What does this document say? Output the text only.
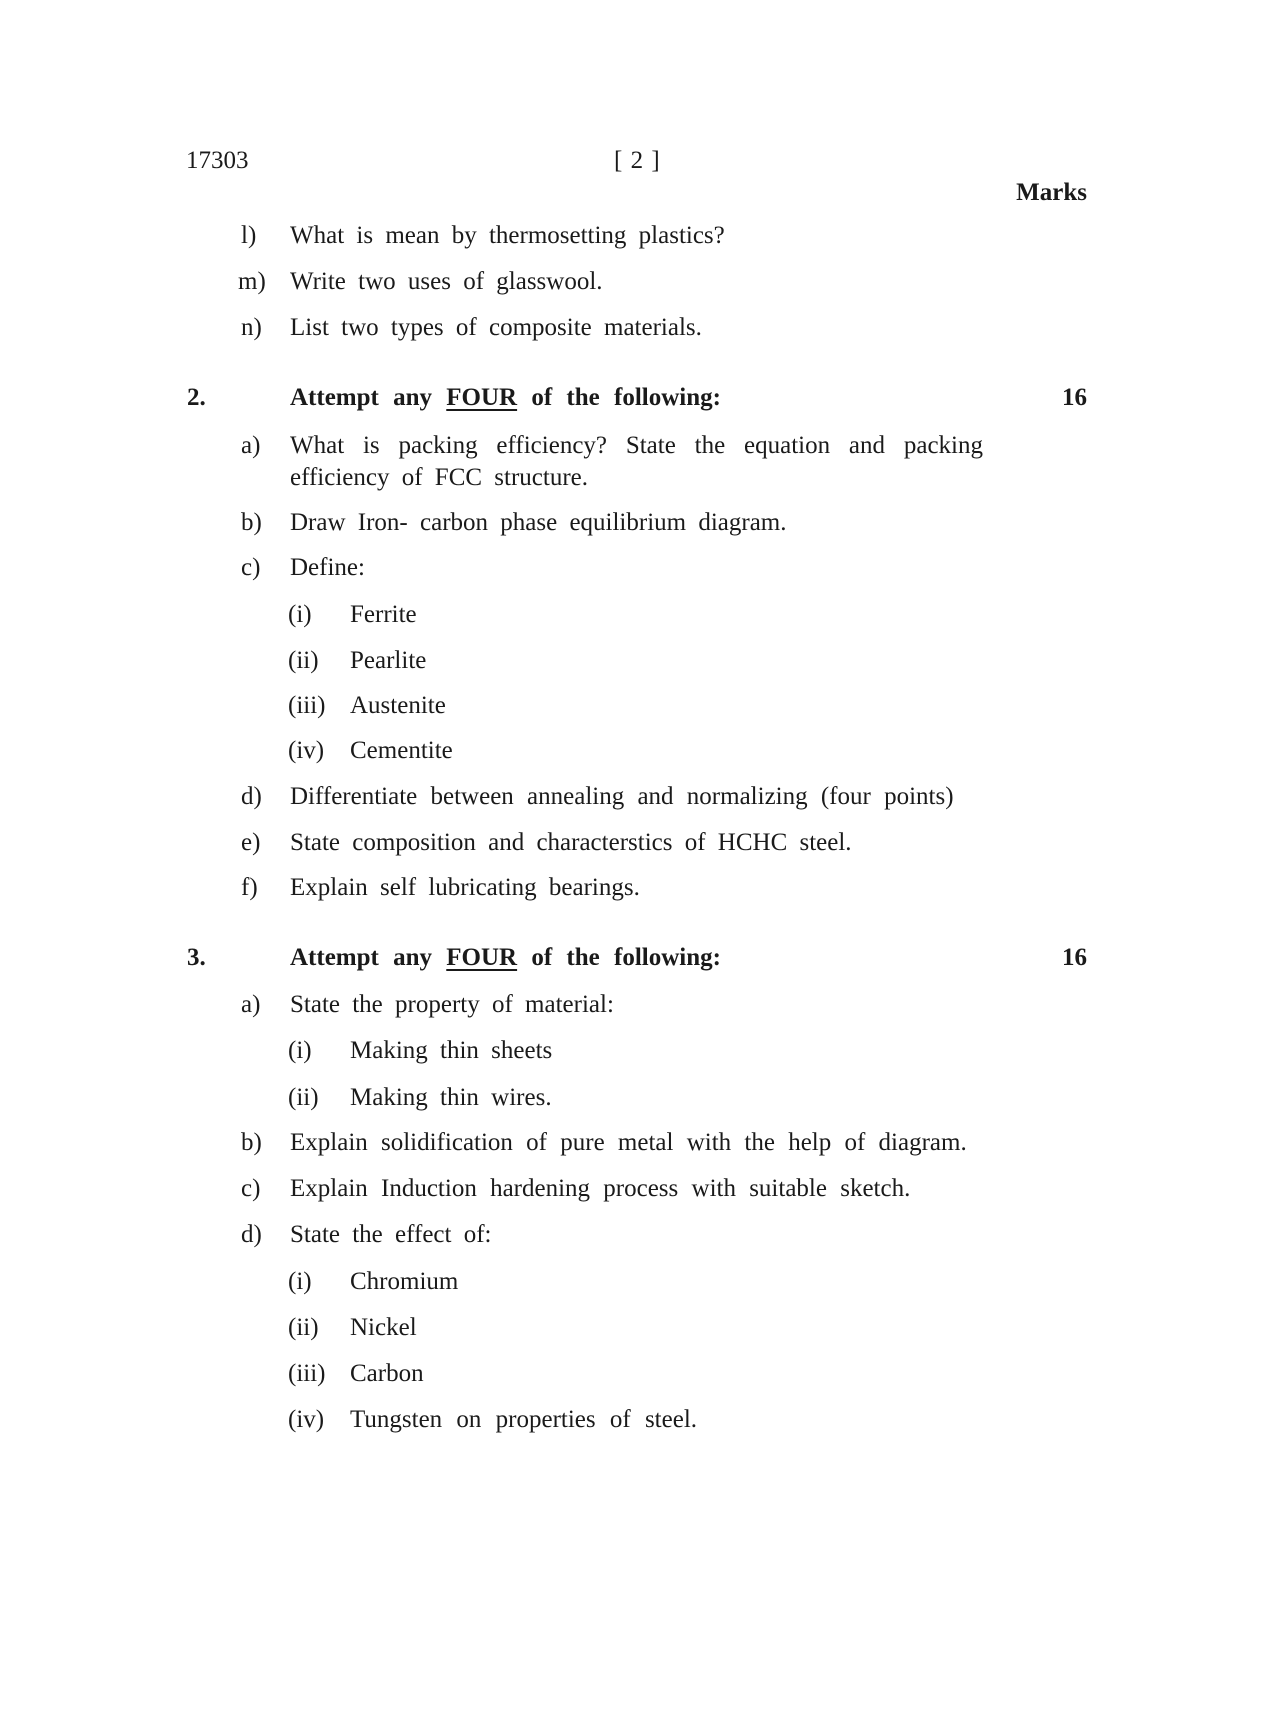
17303	[ 2 ]
Marks
l) What is mean by thermosetting plastics?
m) Write two uses of glasswool.
n) List two types of composite materials.
2.	Attempt any FOUR of the following:	16
a) What is packing efficiency? State the equation and packing
efficiency of FCC structure.
b) Draw Iron- carbon phase equilibrium diagram.
c) Define:
(i) Ferrite
(ii) Pearlite
(iii) Austenite
(iv) Cementite
d) Differentiate between annealing and normalizing (four points)
e) State composition and characterstics of HCHC steel.
f) Explain self lubricating bearings.
3.	Attempt any FOUR of the following:	16
a) State the property of material:
(i) Making thin sheets
(ii) Making thin wires.
b) Explain solidification of pure metal with the help of diagram.
c) Explain Induction hardening process with suitable sketch.
d) State the effect of:
(i) Chromium
(ii) Nickel
(iii) Carbon
(iv) Tungsten on properties of steel.
